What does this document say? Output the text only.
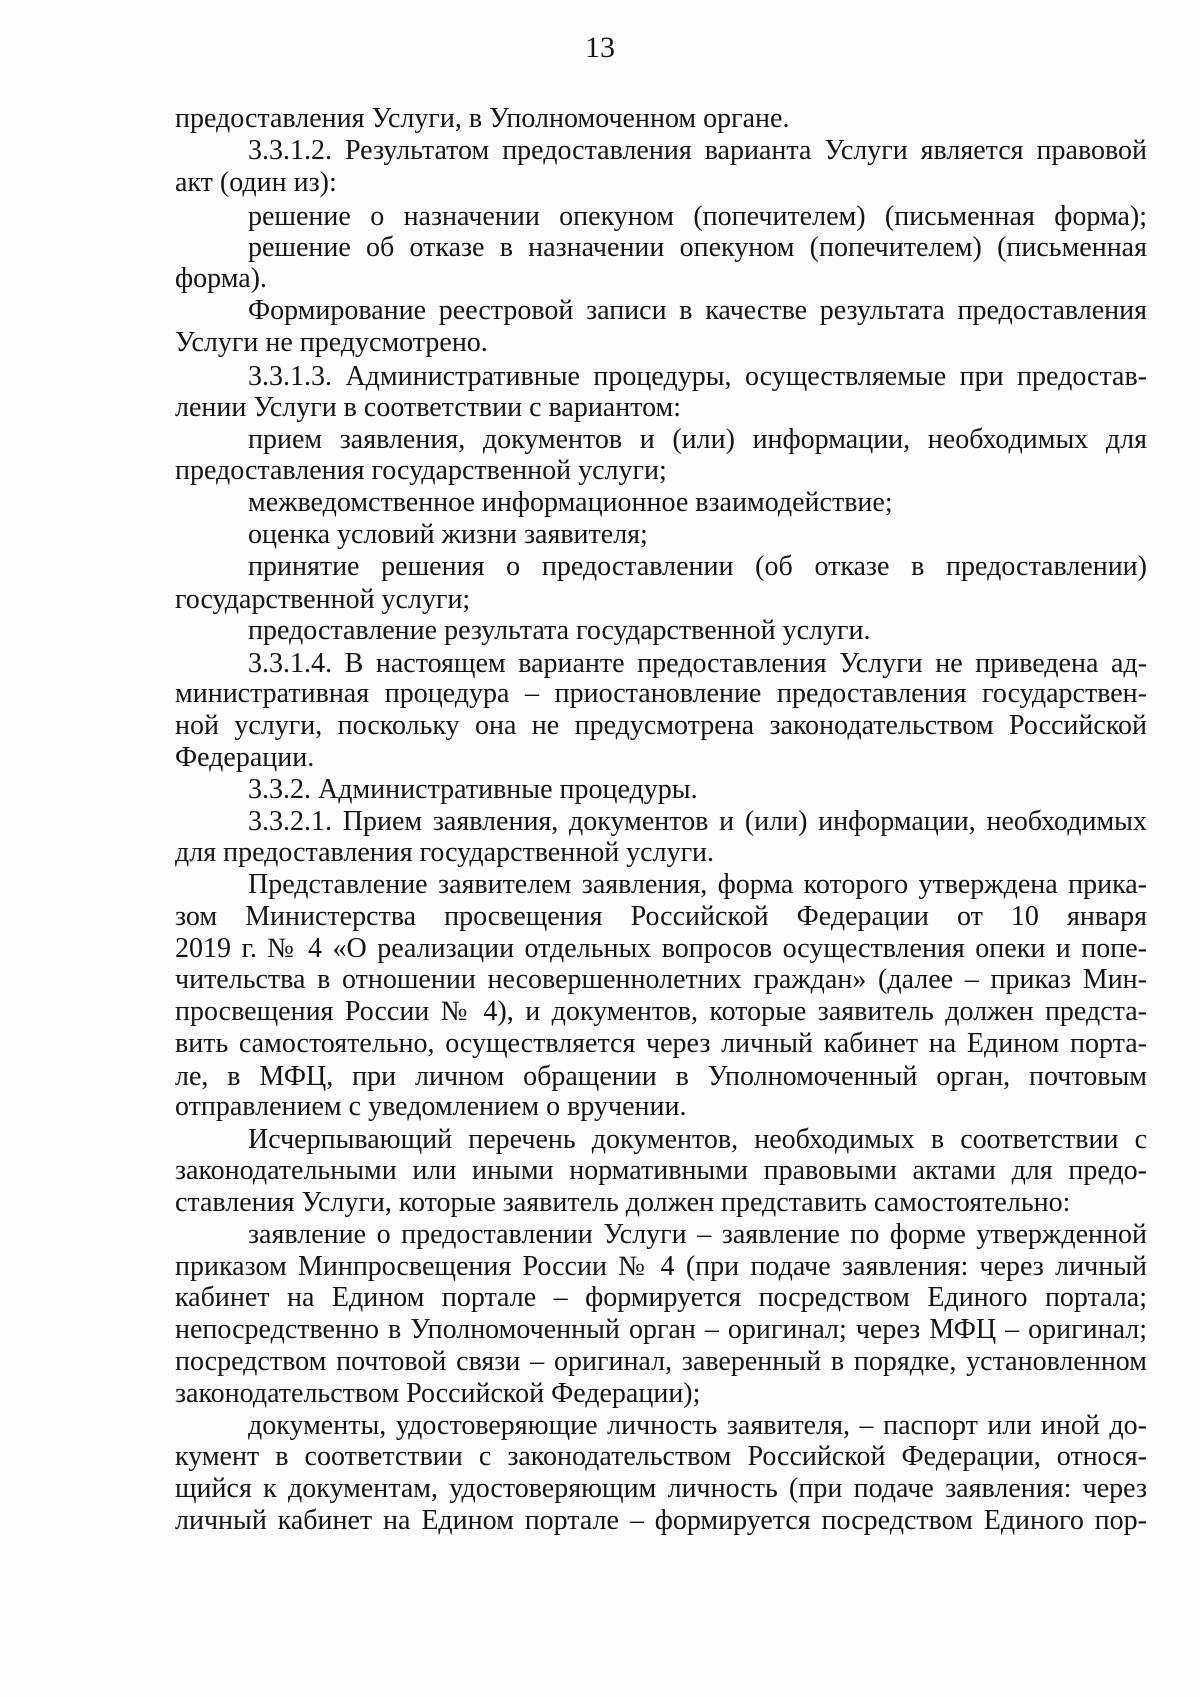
13

предоставления Услуги, в Уполномоченном органе.

3.3.1.2. Результатом предоставления варианта Услуги является правовой

акт (один из):

решение о назначении опекуном (попечителем) (письменная форма);

решение об отказе в назначении опекуном (попечителем) (письменная

форма).

Формирование реестровой записи в качестве результата предоставления

Услуги не предусмотрено.

3.3.1.3. Административные процедуры, осуществляемые при предостав-

лении Услуги в соответствии с вариантом:

прием заявления, документов и (или) информации, необходимых для

предоставления государственной услуги;

межведомственное информационное взаимодействие;

оценка условий жизни заявителя;

принятие решения о предоставлении (об отказе в предоставлении)

государственной услуги;

предоставление результата государственной услуги.

3.3.1.4. В настоящем варианте предоставления Услуги не приведена ад-

министративная процедура – приостановление предоставления государствен-

ной услуги, поскольку она не предусмотрена законодательством Российской

Федерации.

3.3.2. Административные процедуры.

3.3.2.1. Прием заявления, документов и (или) информации, необходимых

для предоставления государственной услуги.

Представление заявителем заявления, форма которого утверждена прика-

зом Министерства просвещения Российской Федерации от 10 января

2019 г. № 4 «О реализации отдельных вопросов осуществления опеки и попе-

чительства в отношении несовершеннолетних граждан» (далее – приказ Мин-

просвещения России № 4), и документов, которые заявитель должен предста-

вить самостоятельно, осуществляется через личный кабинет на Едином порта-

ле, в МФЦ, при личном обращении в Уполномоченный орган, почтовым

отправлением с уведомлением о вручении.

Исчерпывающий перечень документов, необходимых в соответствии с

законодательными или иными нормативными правовыми актами для предо-

ставления Услуги, которые заявитель должен представить самостоятельно:

заявление о предоставлении Услуги – заявление по форме утвержденной

приказом Минпросвещения России № 4 (при подаче заявления: через личный

кабинет на Едином портале – формируется посредством Единого портала;

непосредственно в Уполномоченный орган – оригинал; через МФЦ – оригинал;

посредством почтовой связи – оригинал, заверенный в порядке, установленном

законодательством Российской Федерации);

документы, удостоверяющие личность заявителя, – паспорт или иной до-

кумент в соответствии с законодательством Российской Федерации, относя-

щийся к документам, удостоверяющим личность (при подаче заявления: через

личный кабинет на Едином портале – формируется посредством Единого пор-
